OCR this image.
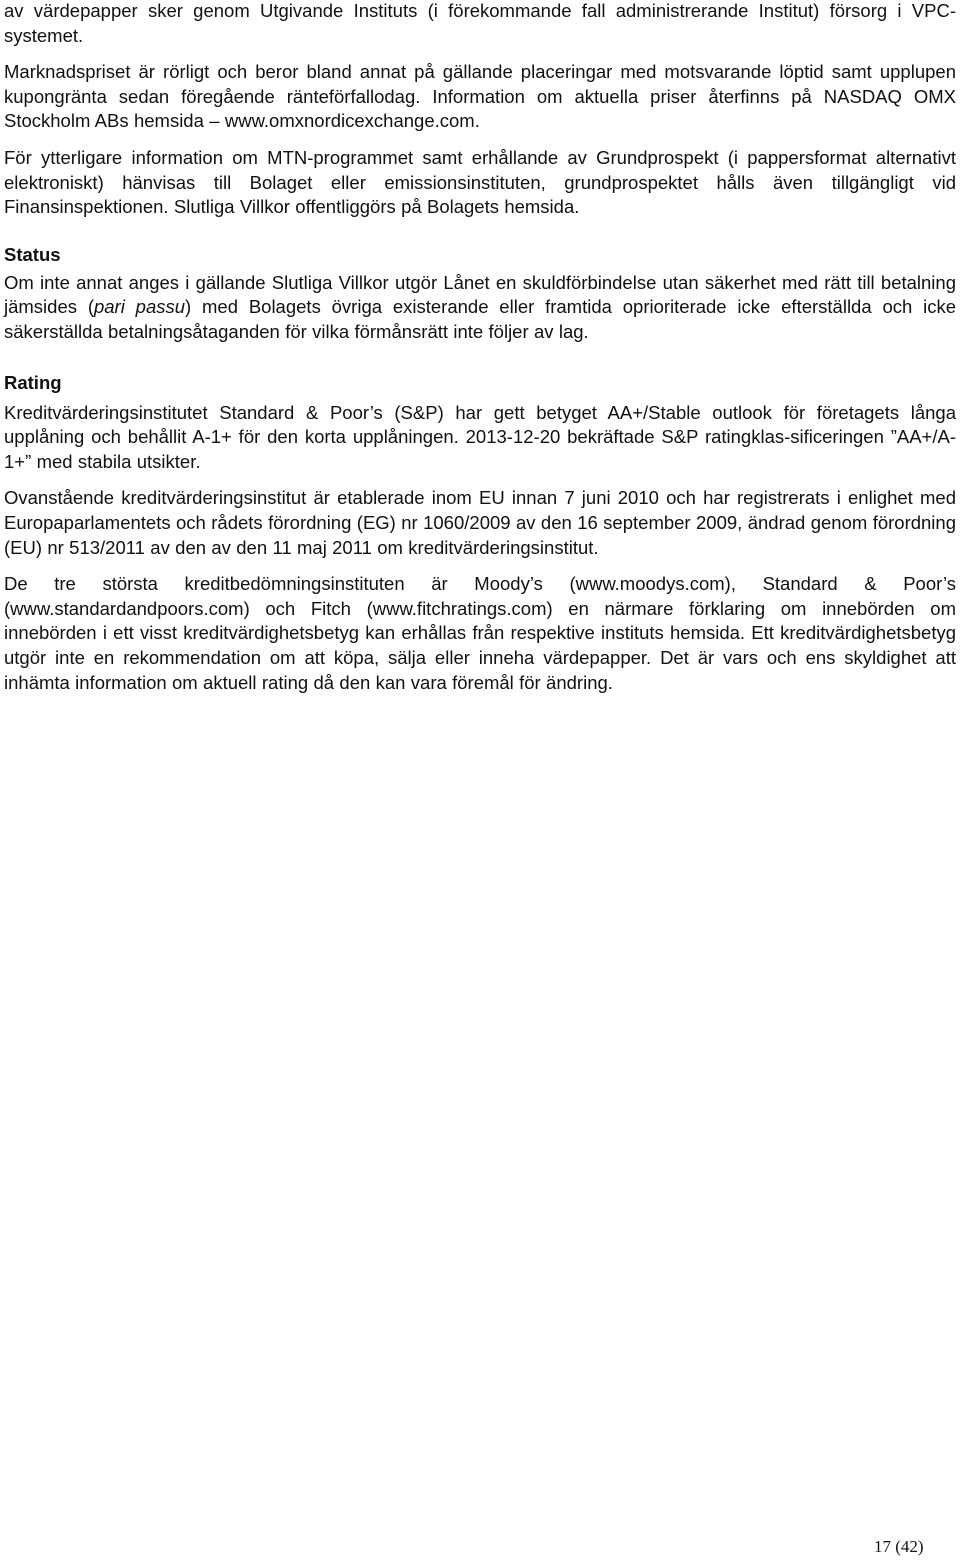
av värdepapper sker genom Utgivande Instituts (i förekommande fall administrerande Institut) försorg i VPC-systemet.

Marknadspriset är rörligt och beror bland annat på gällande placeringar med motsvarande löptid samt upplupen kupongränta sedan föregående ränteförfallodag. Information om aktuella priser återfinns på NASDAQ OMX Stockholm ABs hemsida – www.omxnordicexchange.com.

För ytterligare information om MTN-programmet samt erhållande av Grundprospekt (i pappersformat alternativt elektroniskt) hänvisas till Bolaget eller emissionsinstituten, grundprospektet hålls även tillgängligt vid Finansinspektionen. Slutliga Villkor offentliggörs på Bolagets hemsida.

Status

Om inte annat anges i gällande Slutliga Villkor utgör Lånet en skuldförbindelse utan säkerhet med rätt till betalning jämsides (pari passu) med Bolagets övriga existerande eller framtida oprioriterade icke efterställda och icke säkerställda betalningsåtaganden för vilka förmånsrätt inte följer av lag.

Rating

Kreditvärderingsinstitutet Standard & Poor’s (S&P) har gett betyget AA+/Stable outlook för företagets långa upplåning och behållit A-1+ för den korta upplåningen. 2013-12-20 bekräftade S&P ratingklas-sificeringen ”AA+/A-1+” med stabila utsikter.

Ovanstående kreditvärderingsinstitut är etablerade inom EU innan 7 juni 2010 och har registrerats i enlighet med Europaparlamentets och rådets förordning (EG) nr 1060/2009 av den 16 september 2009, ändrad genom förordning (EU) nr 513/2011 av den av den 11 maj 2011 om kreditvärderingsinstitut.

De tre största kreditbedömningsinstituten är Moody’s (www.moodys.com), Standard & Poor’s (www.standardandpoors.com) och Fitch (www.fitchratings.com) en närmare förklaring om innebörden om innebörden i ett visst kreditvärdighetsbetyg kan erhållas från respektive instituts hemsida. Ett kreditvärdighetsbetyg utgör inte en rekommendation om att köpa, sälja eller inneha värdepapper. Det är vars och ens skyldighet att inhämta information om aktuell rating då den kan vara föremål för ändring.

17 (42)
